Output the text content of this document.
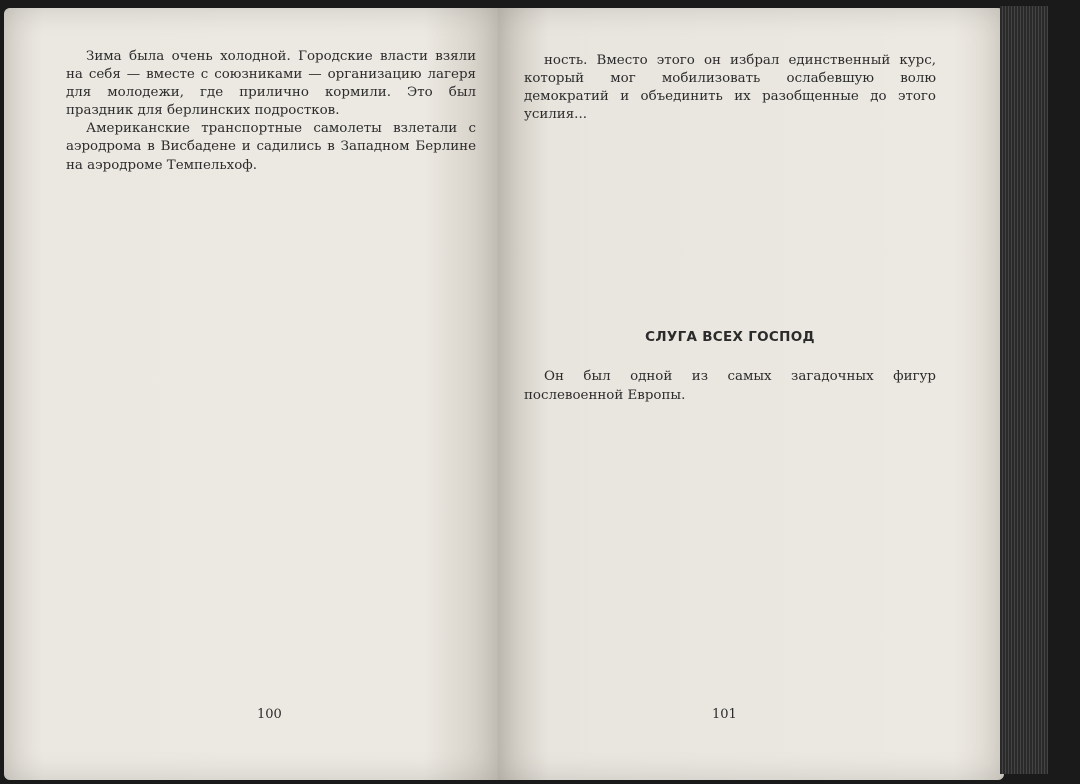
Зима была очень холодной. Городские власти взяли на себя — вместе с союзниками — организацию лагеря для молодежи, где прилично кормили. Это был праздник для берлинских подростков.

Американские транспортные самолеты взлетали с аэродрома в Висбадене и садились в Западном Берлине на аэродроме Темпельхоф.

100

ность. Вместо этого он избрал единственный курс, который мог мобилизовать ослабевшую волю демократий и объединить их разобщенные до этого усилия...

СЛУГА ВСЕХ ГОСПОД

Он был одной из самых загадочных фигур послевоенной Европы.

101
